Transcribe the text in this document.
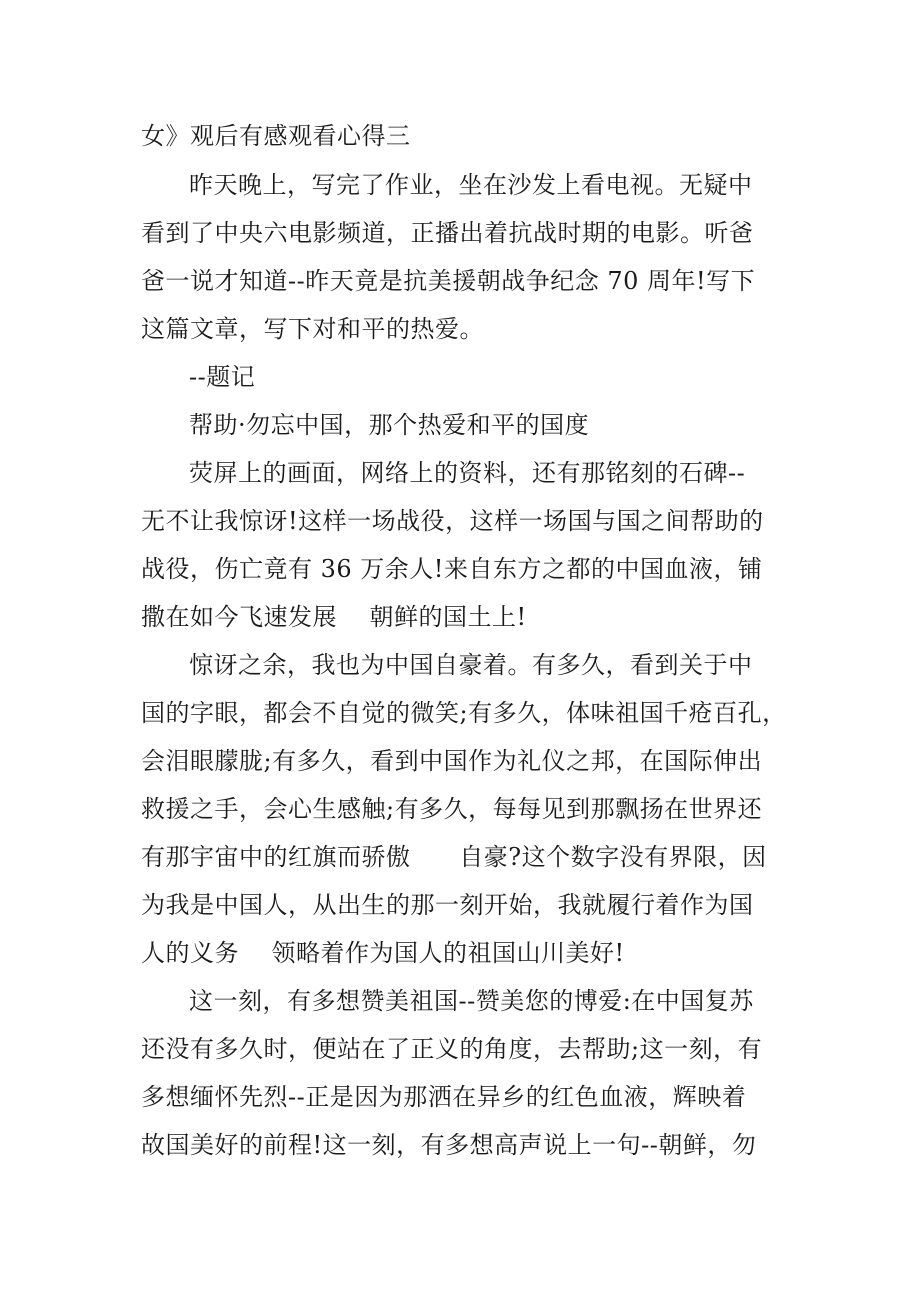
女》观后有感观看心得三
昨天晚上，写完了作业，坐在沙发上看电视。无疑中
看到了中央六电影频道，正播出着抗战时期的电影。听爸
爸一说才知道--昨天竟是抗美援朝战争纪念 70 周年!写下
这篇文章，写下对和平的热爱。
--题记
帮助·勿忘中国，那个热爱和平的国度
荧屏上的画面，网络上的资料，还有那铭刻的石碑--
无不让我惊讶!这样一场战役，这样一场国与国之间帮助的
战役，伤亡竟有 36 万余人!来自东方之都的中国血液，铺
撒在如今飞速发展    朝鲜的国土上!
惊讶之余，我也为中国自豪着。有多久，看到关于中
国的字眼，都会不自觉的微笑;有多久，体味祖国千疮百孔，
会泪眼朦胧;有多久，看到中国作为礼仪之邦，在国际伸出
救援之手，会心生感触;有多久，每每见到那飘扬在世界还
有那宇宙中的红旗而骄傲      自豪?这个数字没有界限，因
为我是中国人，从出生的那一刻开始，我就履行着作为国
人的义务    领略着作为国人的祖国山川美好!
这一刻，有多想赞美祖国--赞美您的博爱:在中国复苏
还没有多久时，便站在了正义的角度，去帮助;这一刻，有
多想缅怀先烈--正是因为那洒在异乡的红色血液，辉映着
故国美好的前程!这一刻，有多想高声说上一句--朝鲜，勿
